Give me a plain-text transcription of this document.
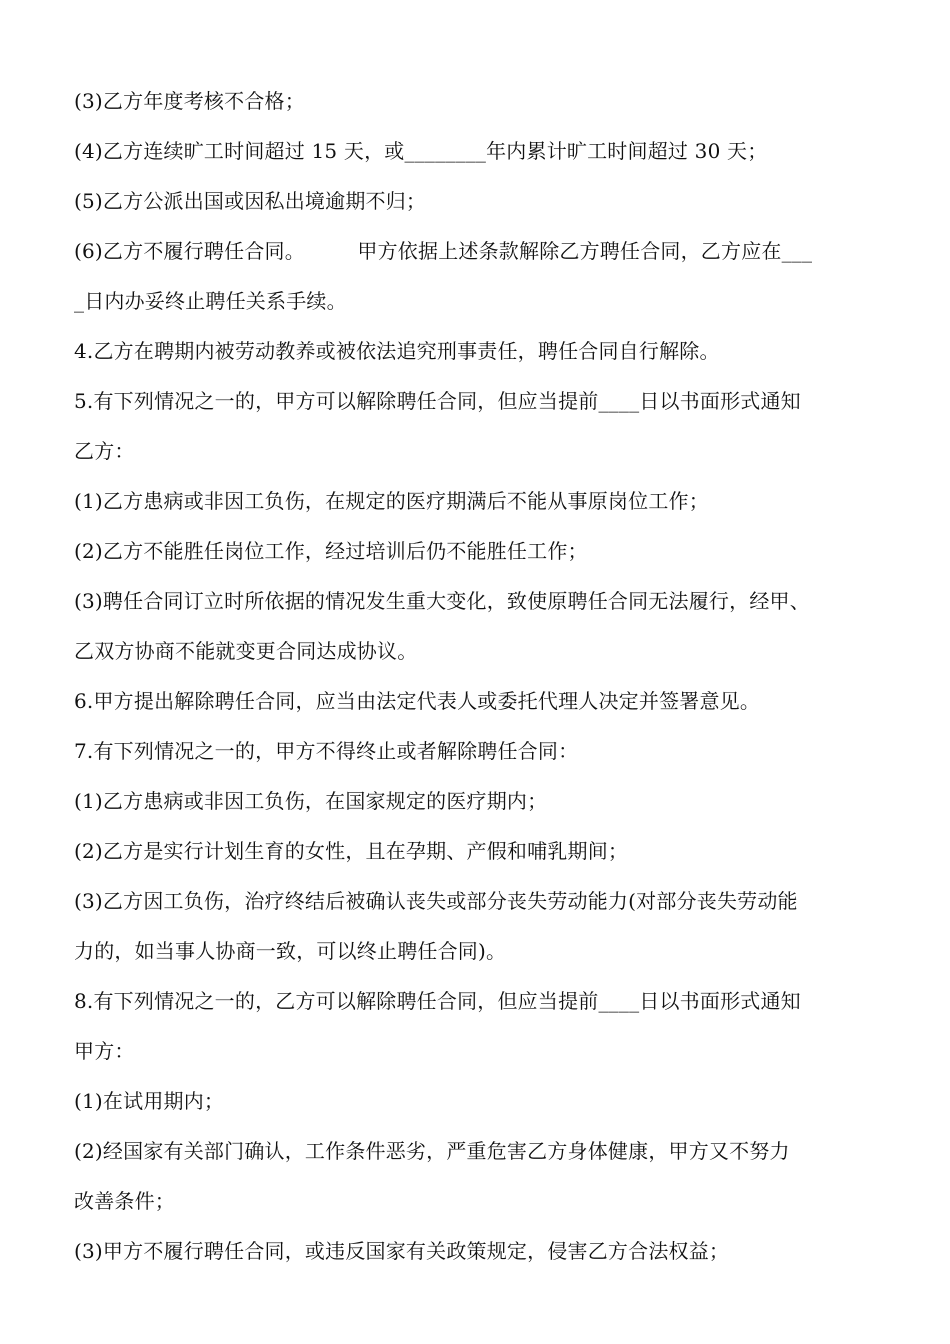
(3)乙方年度考核不合格；
(4)乙方连续旷工时间超过 15 天，或________年内累计旷工时间超过 30 天；
(5)乙方公派出国或因私出境逾期不归；
(6)乙方不履行聘任合同。        甲方依据上述条款解除乙方聘任合同，乙方应在___
_日内办妥终止聘任关系手续。
4.乙方在聘期内被劳动教养或被依法追究刑事责任，聘任合同自行解除。
5.有下列情况之一的，甲方可以解除聘任合同，但应当提前____日以书面形式通知
乙方：
(1)乙方患病或非因工负伤，在规定的医疗期满后不能从事原岗位工作；
(2)乙方不能胜任岗位工作，经过培训后仍不能胜任工作；
(3)聘任合同订立时所依据的情况发生重大变化，致使原聘任合同无法履行，经甲、
乙双方协商不能就变更合同达成协议。
6.甲方提出解除聘任合同，应当由法定代表人或委托代理人决定并签署意见。
7.有下列情况之一的，甲方不得终止或者解除聘任合同：
(1)乙方患病或非因工负伤，在国家规定的医疗期内；
(2)乙方是实行计划生育的女性，且在孕期、产假和哺乳期间；
(3)乙方因工负伤，治疗终结后被确认丧失或部分丧失劳动能力(对部分丧失劳动能
力的，如当事人协商一致，可以终止聘任合同)。
8.有下列情况之一的，乙方可以解除聘任合同，但应当提前____日以书面形式通知
甲方：
(1)在试用期内；
(2)经国家有关部门确认，工作条件恶劣，严重危害乙方身体健康，甲方又不努力
改善条件；
(3)甲方不履行聘任合同，或违反国家有关政策规定，侵害乙方合法权益；
